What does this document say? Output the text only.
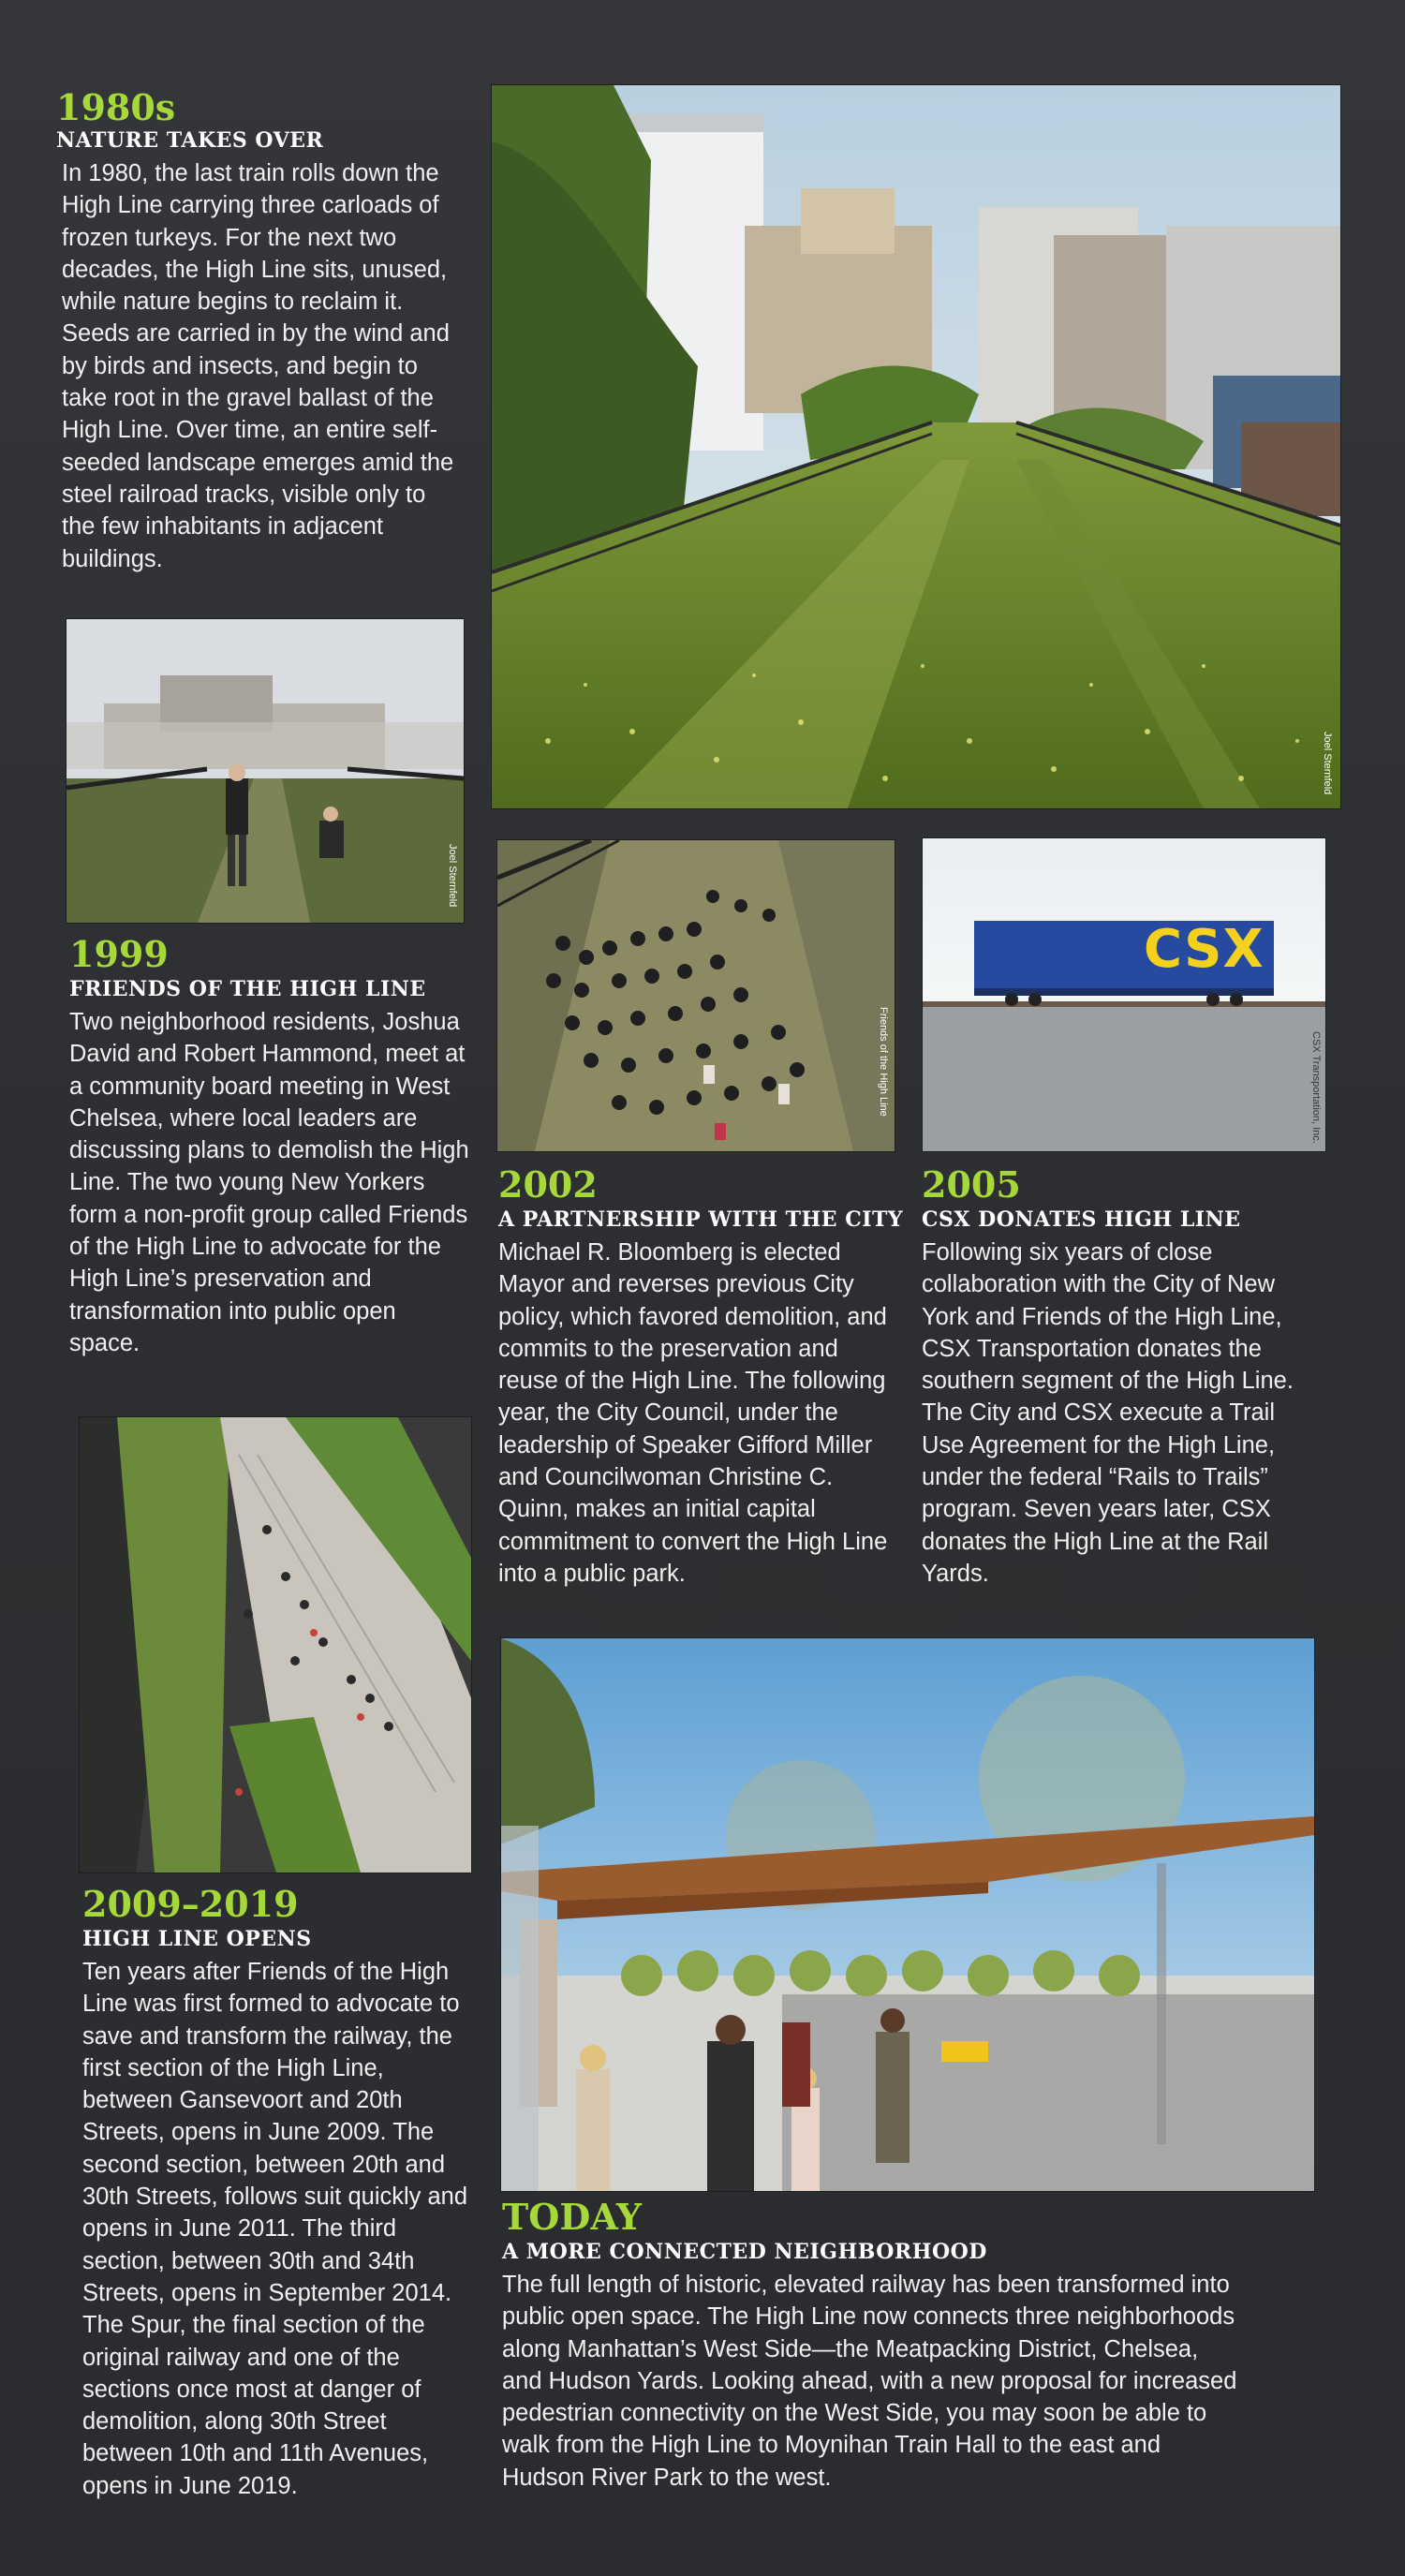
1980s
NATURE TAKES OVER

In 1980, the last train rolls down the High Line carrying three carloads of frozen turkeys. For the next two decades, the High Line sits, unused, while nature begins to reclaim it. Seeds are carried in by the wind and by birds and insects, and begin to take root in the gravel ballast of the High Line. Over time, an entire self-seeded landscape emerges amid the steel railroad tracks, visible only to the few inhabitants in adjacent buildings.

Joel Sternfeld
Joel Sternfeld
1999
FRIENDS OF THE HIGH LINE

Two neighborhood residents, Joshua David and Robert Hammond, meet at a community board meeting in West Chelsea, where local leaders are discussing plans to demolish the High Line. The two young New Yorkers form a non-profit group called Friends of the High Line to advocate for the High Line’s preservation and transformation into public open space.

Friends of the High Line
CSX
CSX Transportation, Inc.
2002
A PARTNERSHIP WITH THE CITY

Michael R. Bloomberg is elected Mayor and reverses previous City policy, which favored demolition, and commits to the preservation and reuse of the High Line. The following year, the City Council, under the leadership of Speaker Gifford Miller and Councilwoman Christine C. Quinn, makes an initial capital commitment to convert the High Line into a public park.

2005
CSX DONATES HIGH LINE

Following six years of close collaboration with the City of New York and Friends of the High Line, CSX Transportation donates the southern segment of the High Line. The City and CSX execute a Trail Use Agreement for the High Line, under the federal “Rails to Trails” program. Seven years later, CSX donates the High Line at the Rail Yards.

2009–2019
HIGH LINE OPENS

Ten years after Friends of the High Line was first formed to advocate to save and transform the railway, the first section of the High Line, between Gansevoort and 20th Streets, opens in June 2009. The second section, between 20th and 30th Streets, follows suit quickly and opens in June 2011. The third section, between 30th and 34th Streets, opens in September 2014. The Spur, the final section of the original railway and one of the sections once most at danger of demolition, along 30th Street between 10th and 11th Avenues, opens in June 2019.

TODAY
A MORE CONNECTED NEIGHBORHOOD

The full length of historic, elevated railway has been transformed into public open space. The High Line now connects three neighborhoods along Manhattan’s West Side—the Meatpacking District, Chelsea, and Hudson Yards. Looking ahead, with a new proposal for increased pedestrian connectivity on the West Side, you may soon be able to walk from the High Line to Moynihan Train Hall to the east and Hudson River Park to the west.
